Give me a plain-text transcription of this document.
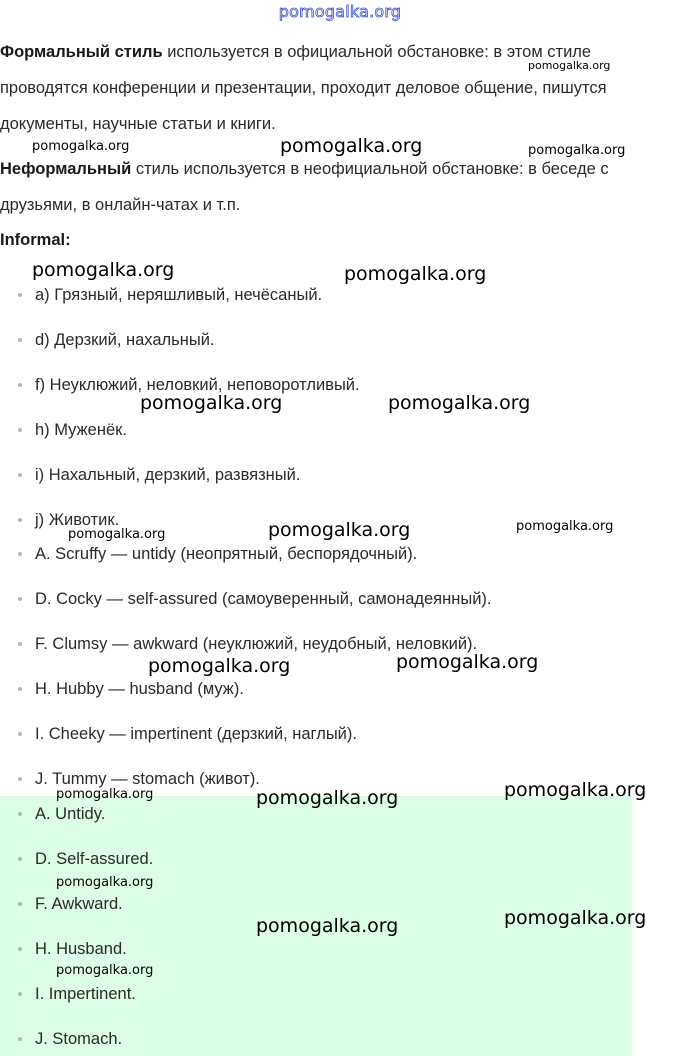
pomogalka.org
Формальный стиль используется в официальной обстановке: в этом стиле проводятся конференции и презентации, проходит деловое общение, пишутся документы, научные статьи и книги.
Неформальный стиль используется в неофициальной обстановке: в беседе с друзьями, в онлайн-чатах и т.п.
Informal:
а) Грязный, неряшливый, нечёсаный.
d) Дерзкий, нахальный.
f) Неуклюжий, неловкий, неповоротливый.
h) Муженёк.
i) Нахальный, дерзкий, развязный.
j) Животик.
A. Scruffy — untidy (неопрятный, беспорядочный).
D. Cocky — self-assured (самоуверенный, самонадеянный).
F. Clumsy — awkward (неуклюжий, неудобный, неловкий).
H. Hubby — husband (муж).
I. Cheeky — impertinent (дерзкий, наглый).
J. Tummy — stomach (живот).
A. Untidy.
D. Self-assured.
F. Awkward.
H. Husband.
I. Impertinent.
J. Stomach.
pomogalka.org
pomogalka.org	pomogalka.org	pomogalka.org
pomogalka.org	pomogalka.org
pomogalka.org	pomogalka.org
pomogalka.org	pomogalka.org	pomogalka.org
pomogalka.org	pomogalka.org
pomogalka.org	pomogalka.org	pomogalka.org
pomogalka.org
pomogalka.org
pomogalka.org
pomogalka.org
